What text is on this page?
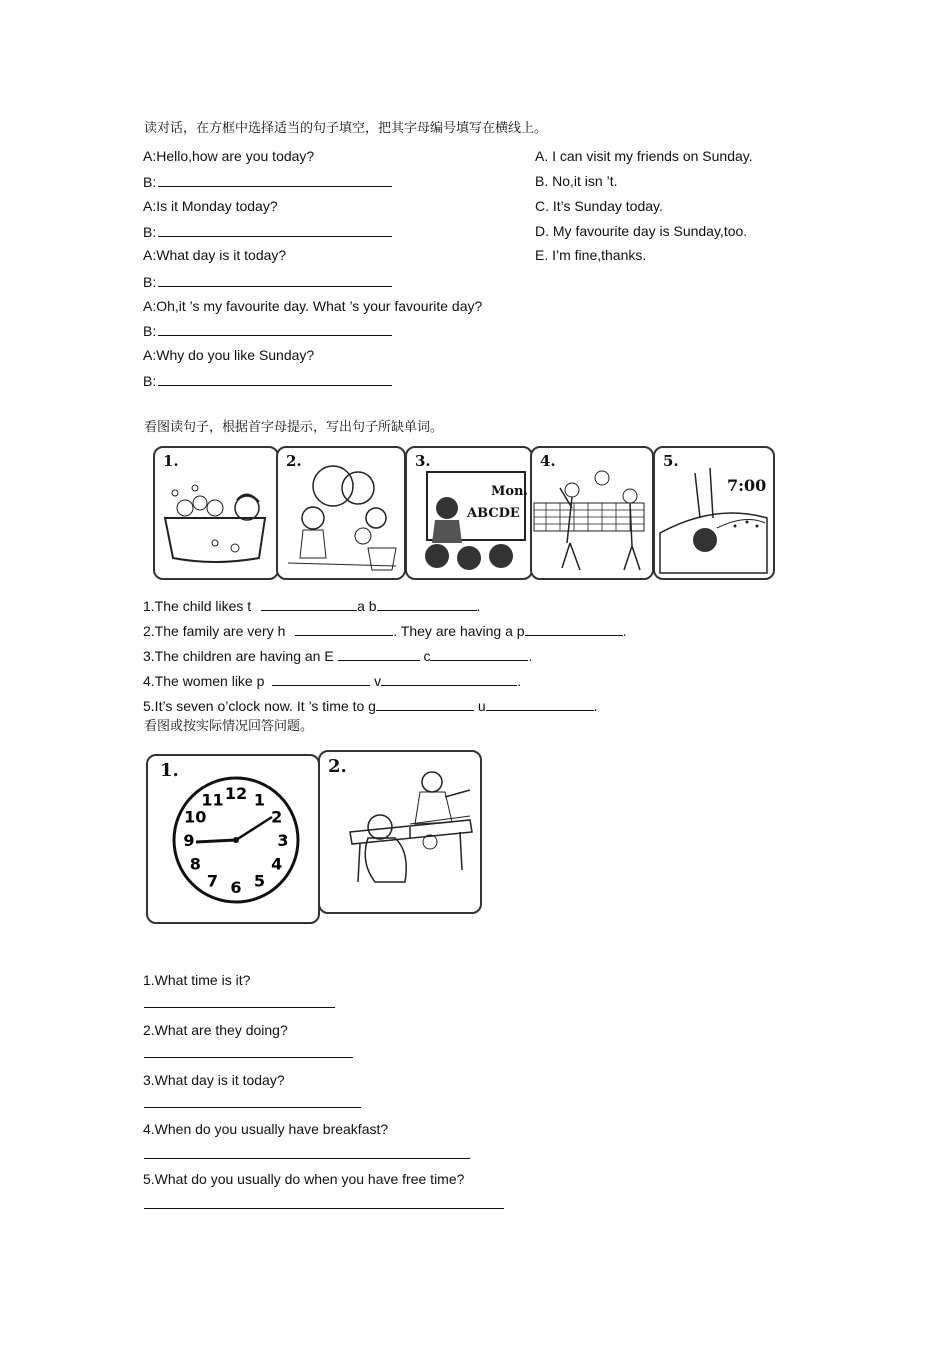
读对话，在方框中选择适当的句子填空，把其字母编号填写在横线上。
A:Hello,how are you today?
B:
A:Is it Monday today?
B:
A:What day is it today?
B:
A:Oh,it ’s my favourite day. What ’s your favourite day?
B:
A:Why do you like Sunday?
B:
A. I can visit my friends on Sunday.
B. No,it isn ’t.
C. It’s Sunday today.
D. My favourite day is Sunday,too.
E. I’m fine,thanks.
看图读句子，根据首字母提示，写出句子所缺单词。
1.	2.	3.
Mon.
ABCDE
4.	5.
7:00
1.The child likes t	a b	.
2.The family are very h	. They are having a p	.
3.The children are having an E	c	.
4.The women like p	v	.
5.It’s seven o’clock now. It ’s time to g	u	.
看图或按实际情况回答问题。
1.
12 1
2
3
4
5
6
7
8
9
10
11
2.
1.What time is it?
2.What are they doing?
3.What day is it today?
4.When do you usually have breakfast?
5.What do you usually do when you have free time?
